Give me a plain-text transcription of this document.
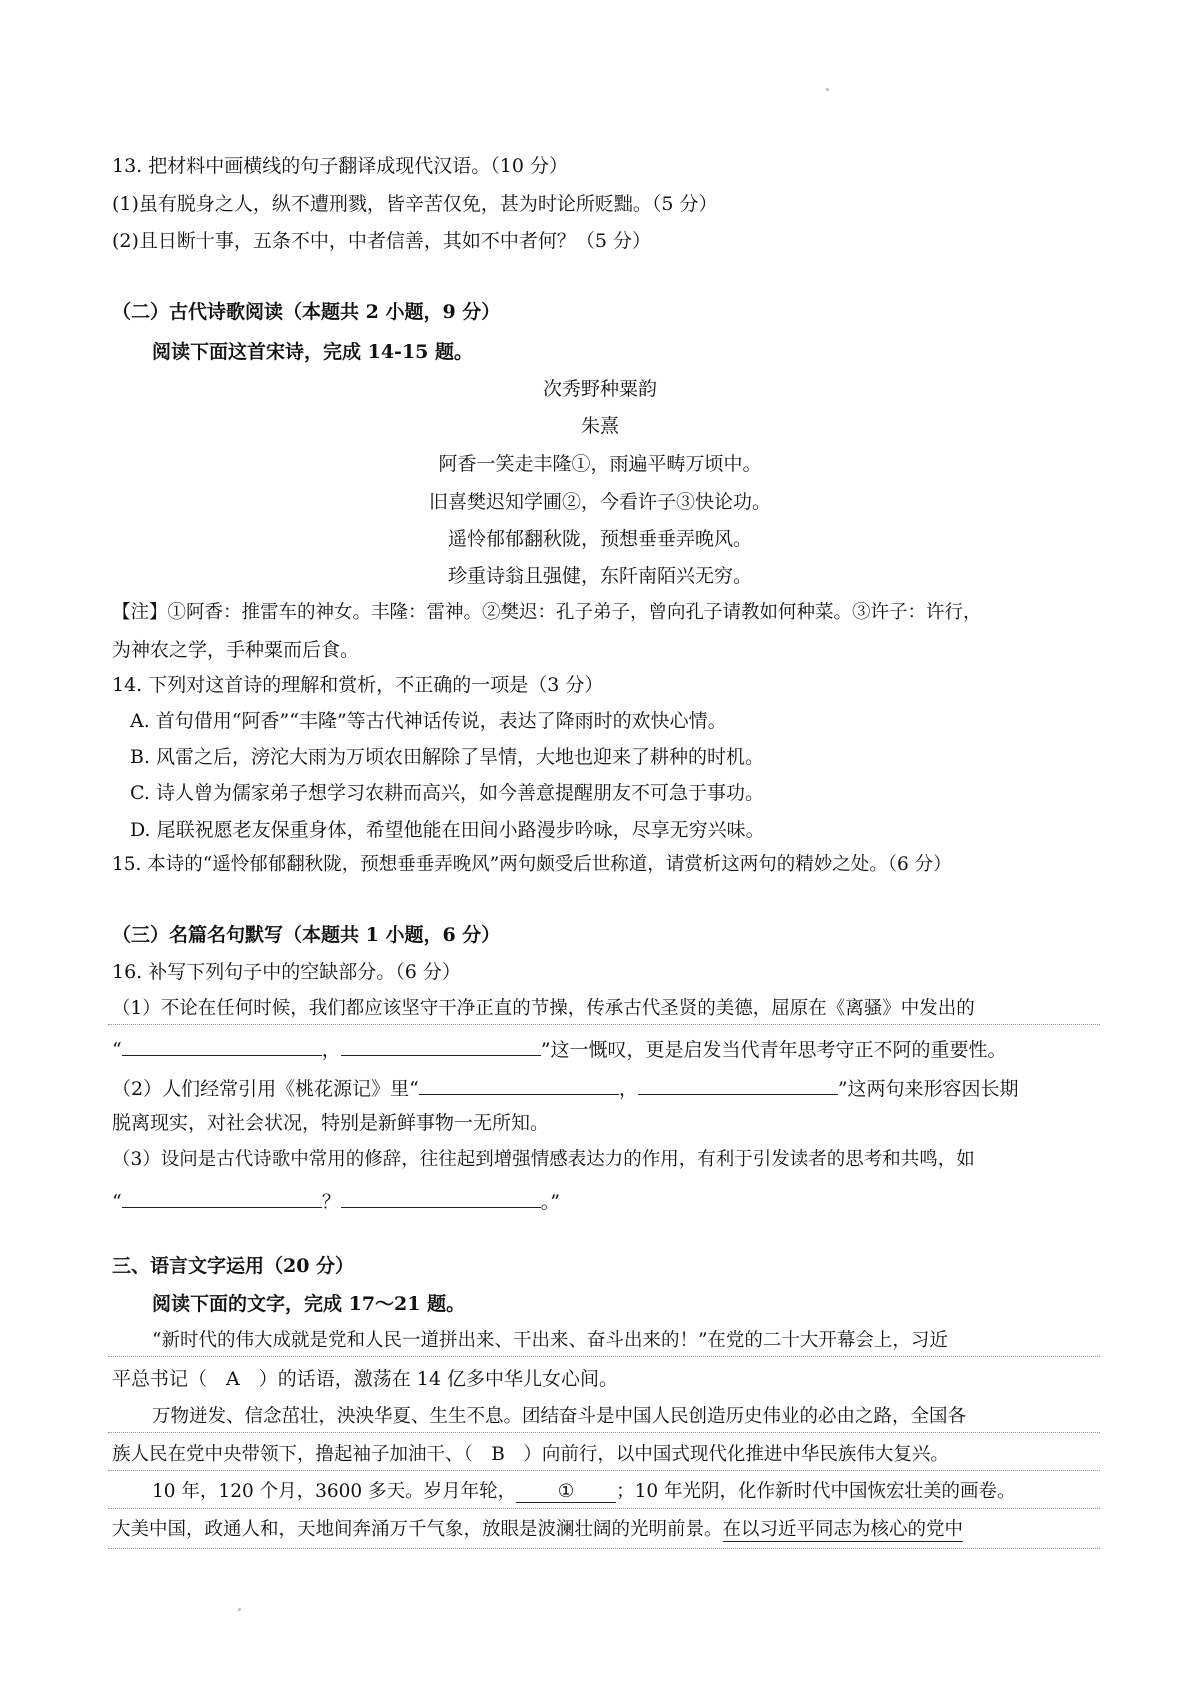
13. 把材料中画横线的句子翻译成现代汉语。（10 分）
(1)虽有脱身之人，纵不遭刑戮，皆辛苦仅免，甚为时论所贬黜。（5 分）
(2)且日断十事，五条不中，中者信善，其如不中者何？（5 分）
（二）古代诗歌阅读（本题共 2 小题，9 分）
阅读下面这首宋诗，完成 14-15 题。
次秀野种粟韵
朱熹
阿香一笑走丰隆①，雨遍平畴万顷中。
旧喜樊迟知学圃②，今看许子③快论功。
遥怜郁郁翻秋陇，预想垂垂弄晚风。
珍重诗翁且强健，东阡南陌兴无穷。
【注】①阿香：推雷车的神女。丰隆：雷神。②樊迟：孔子弟子，曾向孔子请教如何种菜。③许子：许行，
为神农之学，手种粟而后食。
14. 下列对这首诗的理解和赏析，不正确的一项是（3 分）
A. 首句借用“阿香”“丰隆”等古代神话传说，表达了降雨时的欢快心情。
B. 风雷之后，滂沱大雨为万顷农田解除了旱情，大地也迎来了耕种的时机。
C. 诗人曾为儒家弟子想学习农耕而高兴，如今善意提醒朋友不可急于事功。
D. 尾联祝愿老友保重身体，希望他能在田间小路漫步吟咏，尽享无穷兴味。
15. 本诗的“遥怜郁郁翻秋陇，预想垂垂弄晚风”两句颇受后世称道，请赏析这两句的精妙之处。（6 分）
（三）名篇名句默写（本题共 1 小题，6 分）
16. 补写下列句子中的空缺部分。（6 分）
（1）不论在任何时候，我们都应该坚守干净正直的节操，传承古代圣贤的美德，屈原在《离骚》中发出的
“	，	”这一慨叹，更是启发当代青年思考守正不阿的重要性。
（2）人们经常引用《桃花源记》里“	，	”这两句来形容因长期
脱离现实，对社会状况，特别是新鲜事物一无所知。
（3）设问是古代诗歌中常用的修辞，往往起到增强情感表达力的作用，有利于引发读者的思考和共鸣，如
“	？	。”
三、语言文字运用（20 分）
阅读下面的文字，完成 17～21 题。
“新时代的伟大成就是党和人民一道拼出来、干出来、奋斗出来的！”在党的二十大开幕会上，习近
平总书记（　A　）的话语，激荡在 14 亿多中华儿女心间。
万物迸发、信念茁壮，泱泱华夏、生生不息。团结奋斗是中国人民创造历史伟业的必由之路，全国各
族人民在党中央带领下，撸起袖子加油干、（　B　）向前行，以中国式现代化推进中华民族伟大复兴。
10 年，120 个月，3600 多天。岁月年轮， ① ；10 年光阴，化作新时代中国恢宏壮美的画卷。
大美中国，政通人和，天地间奔涌万千气象，放眼是波澜壮阔的光明前景。在以习近平同志为核心的党中
